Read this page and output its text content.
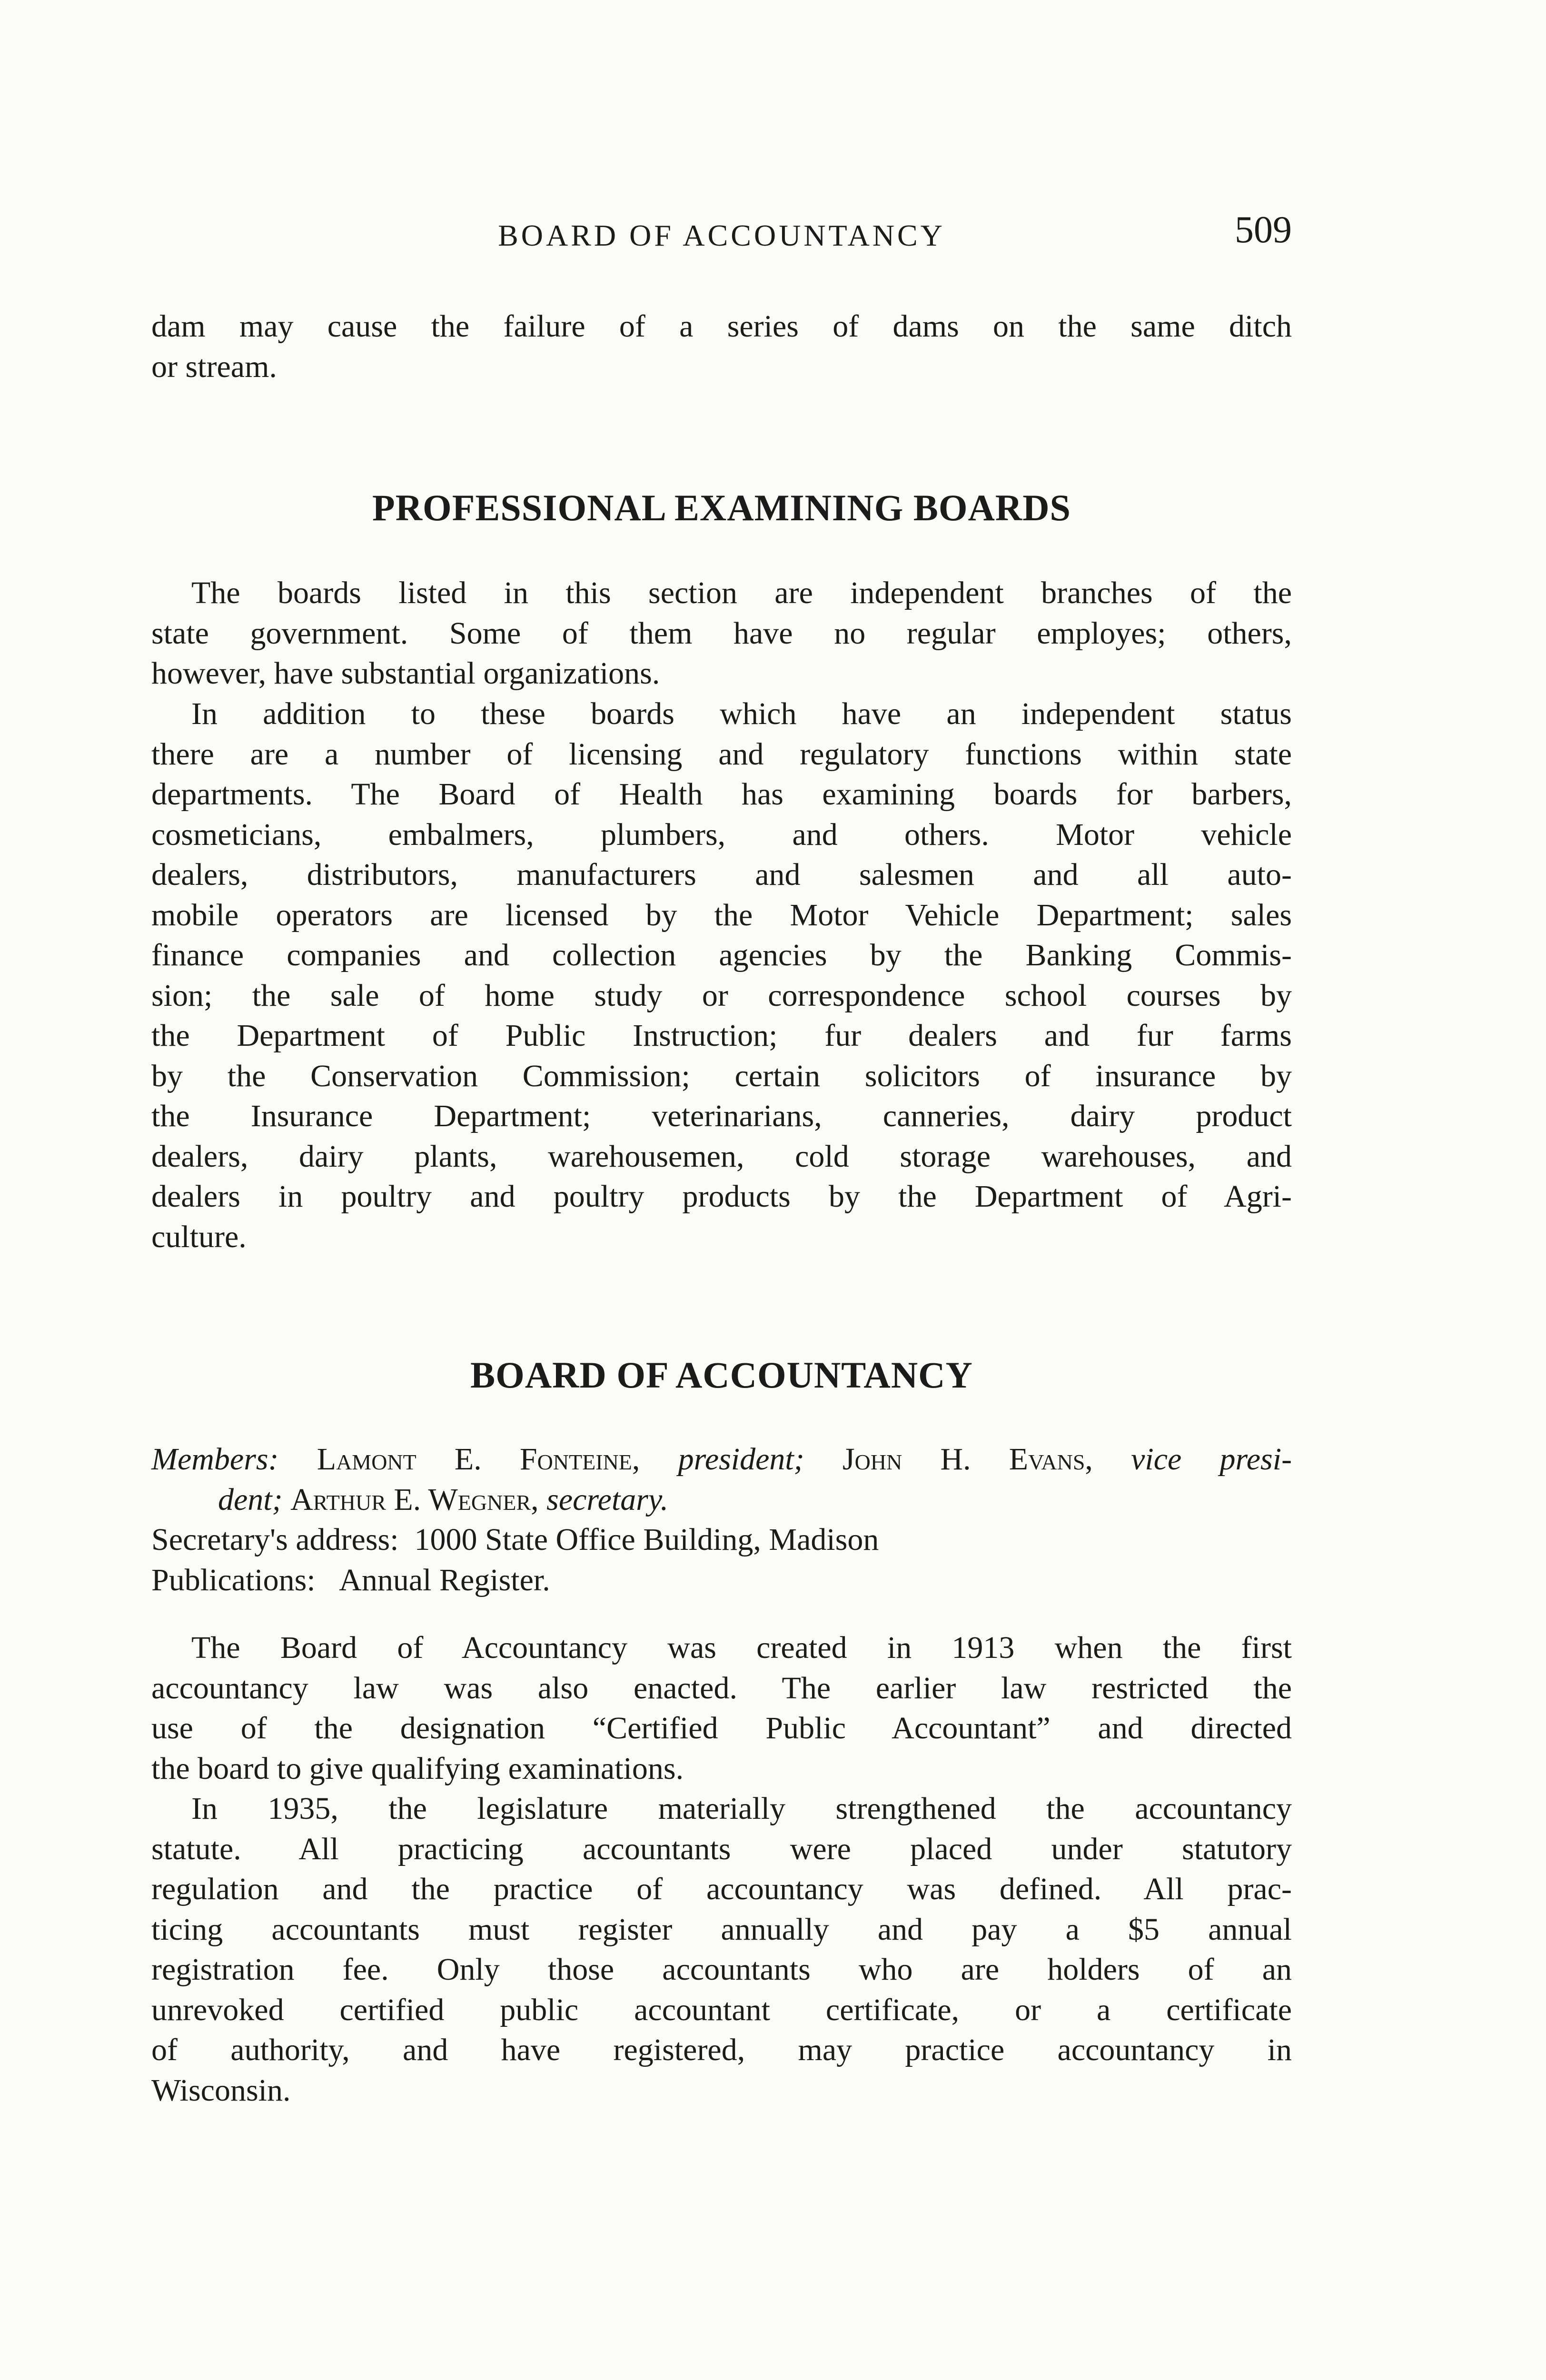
BOARD OF ACCOUNTANCY	509

dam may cause the failure of a series of dams on the same ditch

or stream.

PROFESSIONAL EXAMINING BOARDS

The boards listed in this section are independent branches of the

state government. Some of them have no regular employes; others,

however, have substantial organizations.

In addition to these boards which have an independent status

there are a number of licensing and regulatory functions within state

departments. The Board of Health has examining boards for barbers,

cosmeticians, embalmers, plumbers, and others. Motor vehicle

dealers, distributors, manufacturers and salesmen and all auto-

mobile operators are licensed by the Motor Vehicle Department; sales

finance companies and collection agencies by the Banking Commis-

sion; the sale of home study or correspondence school courses by

the Department of Public Instruction; fur dealers and fur farms

by the Conservation Commission; certain solicitors of insurance by

the Insurance Department; veterinarians, canneries, dairy product

dealers, dairy plants, warehousemen, cold storage warehouses, and

dealers in poultry and poultry products by the Department of Agri-

culture.

BOARD OF ACCOUNTANCY

Members: Lamont E. Fonteine, president; John H. Evans, vice presi-

dent; Arthur E. Wegner, secretary.
Secretary's address: 1000 State Office Building, Madison
Publications: Annual Register.

The Board of Accountancy was created in 1913 when the first

accountancy law was also enacted. The earlier law restricted the

use of the designation “Certified Public Accountant” and directed

the board to give qualifying examinations.

In 1935, the legislature materially strengthened the accountancy

statute. All practicing accountants were placed under statutory

regulation and the practice of accountancy was defined. All prac-

ticing accountants must register annually and pay a $5 annual

registration fee. Only those accountants who are holders of an

unrevoked certified public accountant certificate, or a certificate

of authority, and have registered, may practice accountancy in

Wisconsin.
